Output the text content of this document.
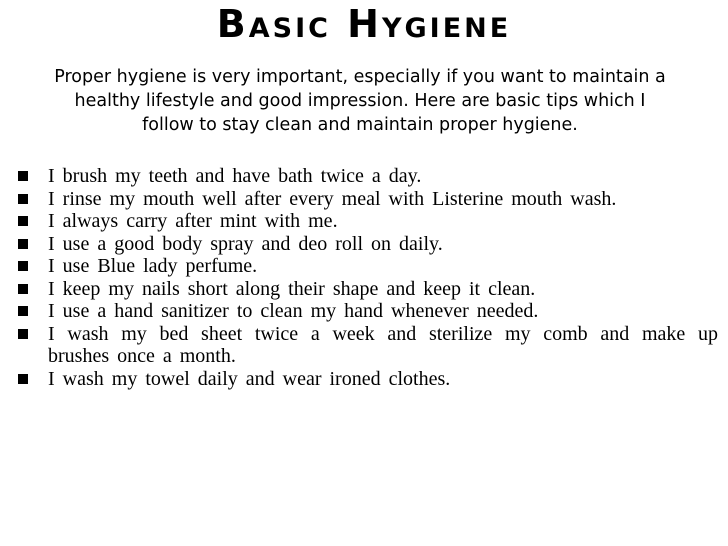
Basic Hygiene
Proper hygiene is very important, especially if you want to maintain a healthy lifestyle and good impression. Here are basic tips which I follow to stay clean and maintain proper hygiene.
I brush my teeth and have bath twice a day.
I rinse my mouth well after every meal with Listerine mouth wash.
I always carry after mint with me.
I use a good body spray and deo roll on daily.
I use Blue lady perfume.
I keep my nails short along their shape and keep it clean.
I use a hand sanitizer to clean my hand whenever needed.
I wash my bed sheet twice a week and sterilize my comb and make up brushes once a month.
I wash my towel daily and wear ironed clothes.
